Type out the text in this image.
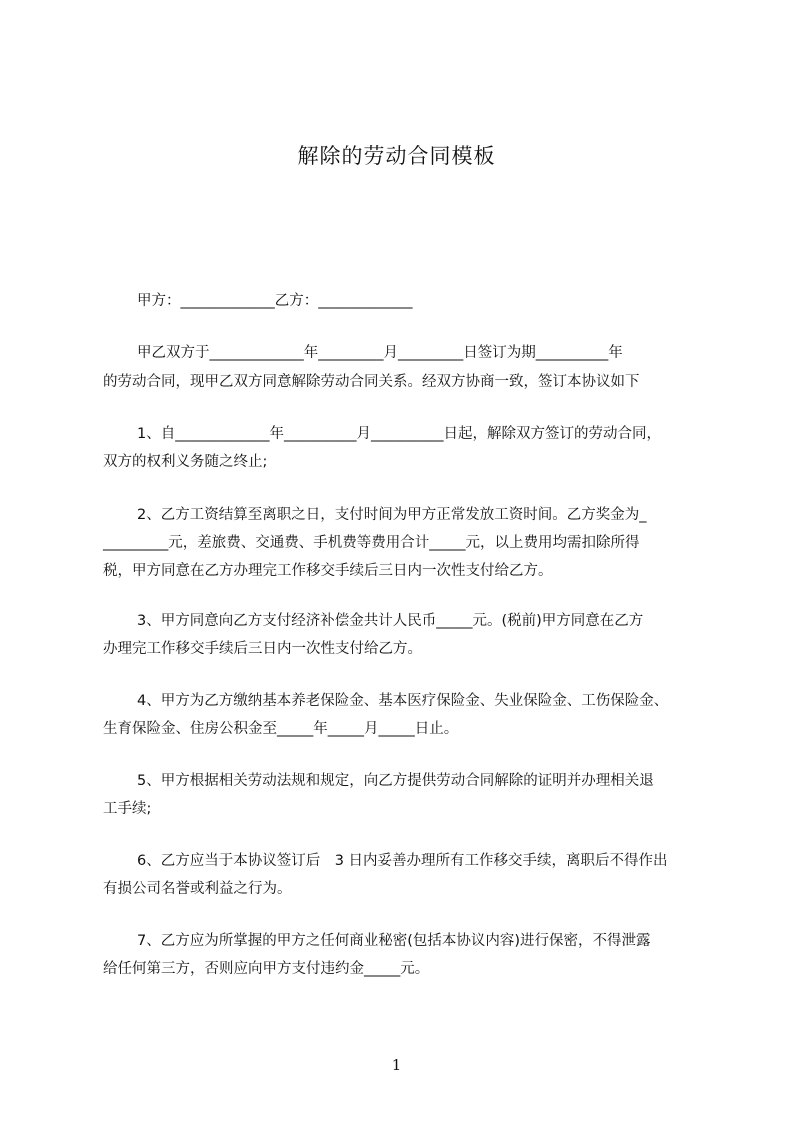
解除的劳动合同模板

甲方：_____________乙方：_____________

甲乙双方于_____________年_________月_________日签订为期__________年

的劳动合同，现甲乙双方同意解除劳动合同关系。经双方协商一致，签订本协议如下

1、自_____________年__________月__________日起，解除双方签订的劳动合同，

双方的权利义务随之终止;

2、乙方工资结算至离职之日，支付时间为甲方正常发放工资时间。乙方奖金为_

_________元，差旅费、交通费、手机费等费用合计_____元，以上费用均需扣除所得

税，甲方同意在乙方办理完工作移交手续后三日内一次性支付给乙方。

3、甲方同意向乙方支付经济补偿金共计人民币_____元。(税前)甲方同意在乙方

办理完工作移交手续后三日内一次性支付给乙方。

4、甲方为乙方缴纳基本养老保险金、基本医疗保险金、失业保险金、工伤保险金、

生育保险金、住房公积金至_____年_____月_____日止。

5、甲方根据相关劳动法规和规定，向乙方提供劳动合同解除的证明并办理相关退

工手续;

6、乙方应当于本协议签订后　3 日内妥善办理所有工作移交手续，离职后不得作出

有损公司名誉或利益之行为。

7、乙方应为所掌握的甲方之任何商业秘密(包括本协议内容)进行保密，不得泄露

给任何第三方，否则应向甲方支付违约金_____元。

1
